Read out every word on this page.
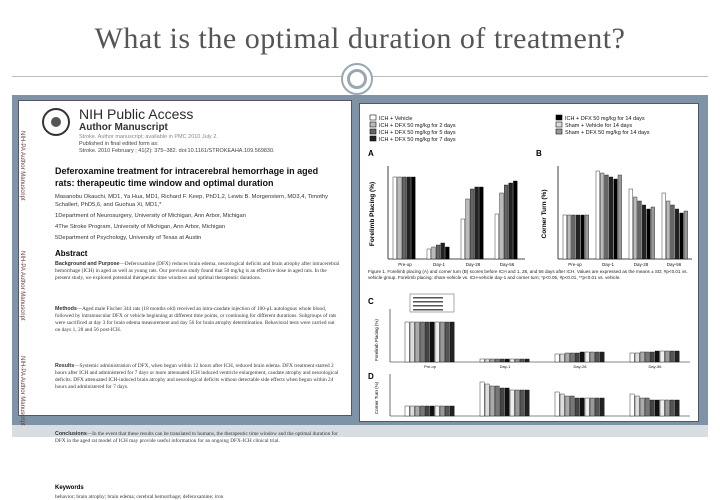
What is the optimal duration of treatment?
NIH-PA Author Manuscript
NIH-PA Author Manuscript
NIH-PA Author Manuscript
NIH Public Access
Author Manuscript
Stroke. Author manuscript; available in PMC 2010 July 2.
Published in final edited form as:
Stroke. 2010 February ; 41(2): 375–382. doi:10.1161/STROKEAHA.109.569830.
Deferoxamine treatment for intracerebral hemorrhage in aged rats: therapeutic time window and optimal duration
Masanobu Okauchi, MD1, Ya Hua, MD1, Richard F. Keep, PhD1,2, Lewis B. Morgenstern, MD3,4, Timothy Schallert, PhD5,6, and Guohua Xi, MD1,*
1Department of Neurosurgery, University of Michigan, Ann Arbor, Michigan
4The Stroke Program, University of Michigan, Ann Arbor, Michigan
5Department of Psychology, University of Texas at Austin
Abstract
Background and Purpose—Deferoxamine (DFX) reduces brain edema, neurological deficits and brain atrophy after intracerebral hemorrhage (ICH) in aged as well as young rats. Our previous study found that 50 mg/kg is an effective dose in aged rats. In the present study, we explored potential therapeutic time windows and optimal therapeutic durations.
Methods—Aged male Fischer 344 rats (18 months old) received an intra-caudate injection of 100-μL autologous whole blood, followed by intramuscular DFX or vehicle beginning at different time points, or continuing for different durations. Subgroups of rats were sacrificed at day 3 for brain edema measurement and day 56 for brain atrophy determination. Behavioral tests were carried out on days 1, 28 and 56 post-ICH.
Results—Systemic administration of DFX, when begun within 12 hours after ICH, reduced brain edema. DFX treatment started 2 hours after ICH and administered for 7 days or more attenuated ICH induced ventricle enlargement, caudate atrophy and neurological deficits. DFX attenuated ICH-induced brain atrophy and neurological deficits without detectable side effects when begun within 24 hours and administered for 7 days.
Conclusions—In the event that these results can be translated to humans, the therapeutic time window and the optimal duration for DFX in the aged rat model of ICH may provide useful information for an ongoing DFX-ICH clinical trial.
Keywords
behavior; brain atrophy; brain edema; cerebral hemorrhage; deferoxamine; iron
ICH + Vehicle
ICH + DFX 50 mg/kg for 2 days
ICH + DFX 50 mg/kg for 5 days
ICH + DFX 50 mg/kg for 7 days
ICH + DFX 50 mg/kg for 14 days
Sham + Vehicle for 14 days
Sham + DFX 50 mg/kg for 14 days
A	B
Forelimb Placing (%)	Corner Turn (%)
Pre-op	Day-1	Day-28	Day-56	Pre-op	Day-1	Day-28	Day-56
Figure 1. Forelimb placing (A) and corner turn (B) scores before ICH and 1, 28, and 56 days after ICH. Values are expressed as the means ± SD; #p<0.01 vs. vehicle group. Forelimb placing: sham-vehicle vs. ICH-vehicle day-1 and corner turn; *p<0.05, #p<0.01, **p<0.01 vs. vehicle.
C
Forelimb Placing (%)
Pre-op	Day-1	Day-28	Day-56
D
Corner Turn (%)
